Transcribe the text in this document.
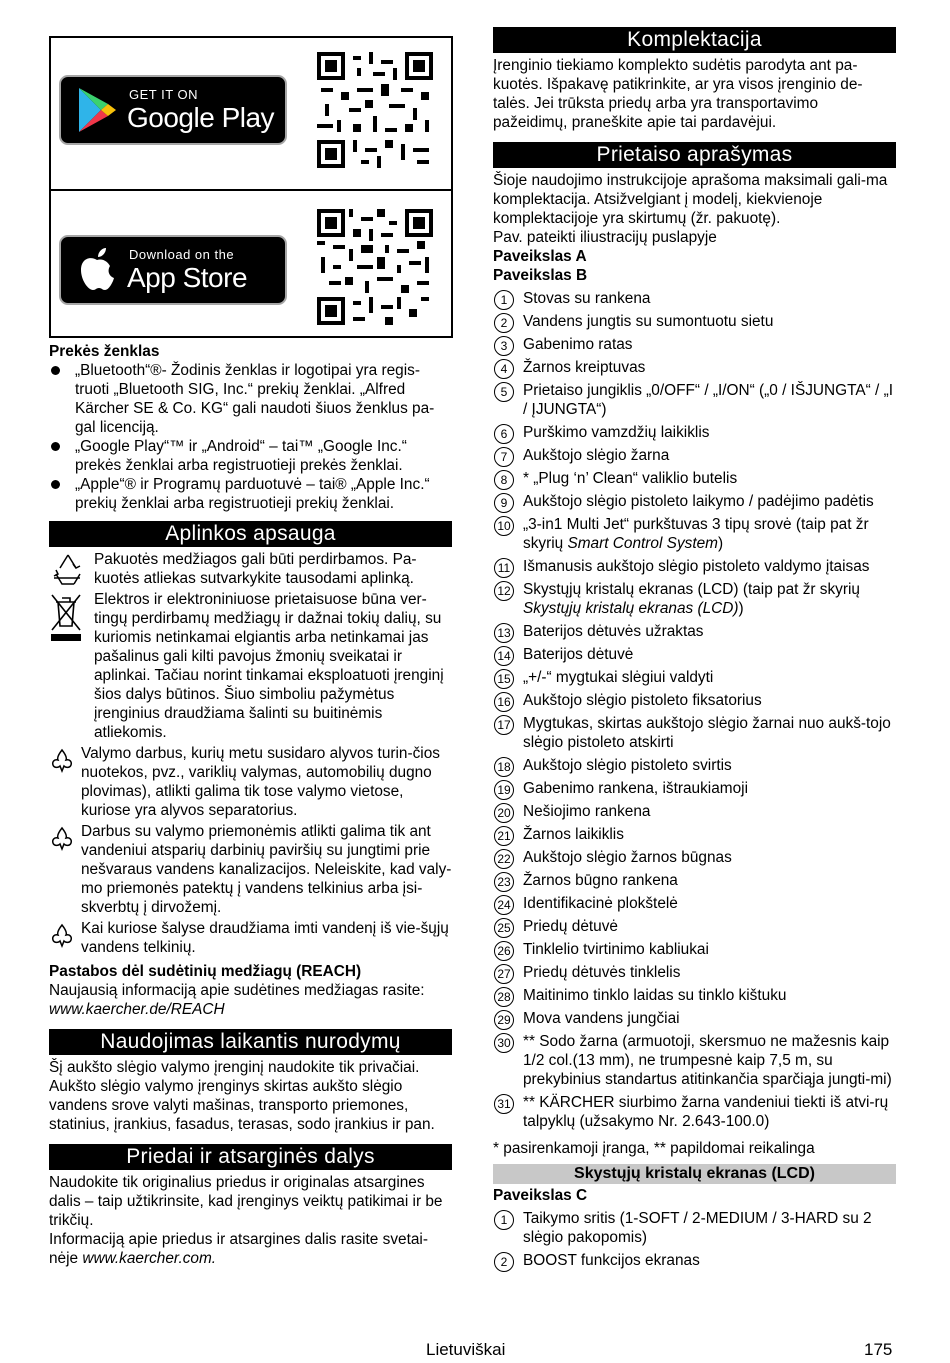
GET IT ON
Google Play
Download on the
App Store

Prekės ženklas

„Bluetooth“®- Žodinis ženklas ir logotipai yra regis-truoti „Bluetooth SIG, Inc.“ prekių ženklai. „Alfred Kärcher SE & Co. KG“ gali naudoti šiuos ženklus pa-gal licenciją.
„Google Play“™ ir „Android“ – tai™ „Google Inc.“ prekės ženklai arba registruotieji prekės ženklai.
„Apple“® ir Programų parduotuvė – tai® „Apple Inc.“ prekių ženklai arba registruotieji prekių ženklai.
Aplinkos apsauga

Pakuotės medžiagos gali būti perdirbamos. Pa-kuotės atliekas sutvarkykite tausodami aplinką.

Elektros ir elektroniniuose prietaisuose būna ver-tingų perdirbamų medžiagų ir dažnai tokių dalių, su kuriomis netinkamai elgiantis arba netinkamai jas pašalinus gali kilti pavojus žmonių sveikatai ir aplinkai. Tačiau norint tinkamai eksploatuoti įrenginį šios dalys būtinos. Šiuo simboliu pažymėtus įrenginius draudžiama šalinti su buitinėmis atliekomis.

Valymo darbus, kurių metu susidaro alyvos turin-čios nuotekos, pvz., variklių valymas, automobilių dugno plovimas), atlikti galima tik tose valymo vietose, kuriose yra alyvos separatorius.

Darbus su valymo priemonėmis atlikti galima tik ant vandeniui atsparių darbinių paviršių su jungtimi prie nešvaraus vandens kanalizacijos. Neleiskite, kad valy-mo priemonės patektų į vandens telkinius arba įsi-skverbtų į dirvožemį.

Kai kuriose šalyse draudžiama imti vandenį iš vie-šųjų vandens telkinių.

Pastabos dėl sudėtinių medžiagų (REACH)

Naujausią informaciją apie sudėtines medžiagas rasite:

www.kaercher.de/REACH

Naudojimas laikantis nurodymų

Šį aukšto slėgio valymo įrenginį naudokite tik privačiai. Aukšto slėgio valymo įrenginys skirtas aukšto slėgio vandens srove valyti mašinas, transporto priemones, statinius, įrankius, fasadus, terasas, sodo įrankius ir pan.

Priedai ir atsarginės dalys

Naudokite tik originalius priedus ir originalas atsargines dalis – taip užtikrinsite, kad įrenginys veiktų patikimai ir be trikčių.

Informaciją apie priedus ir atsargines dalis rasite svetai-nėje www.kaercher.com.

Komplektacija

Įrenginio tiekiamo komplekto sudėtis parodyta ant pa-kuotės. Išpakavę patikrinkite, ar yra visos įrenginio de-talės. Jei trūksta priedų arba yra transportavimo pažeidimų, praneškite apie tai pardavėjui.

Prietaiso aprašymas

Šioje naudojimo instrukcijoje aprašoma maksimali gali-ma komplektacija. Atsižvelgiant į modelį, kiekvienoje komplektacijoje yra skirtumų (žr. pakuotę).

Pav. pateikti iliustracijų puslapyje

Paveikslas A

Paveikslas B

1	Stovas su rankena
2	Vandens jungtis su sumontuotu sietu
3	Gabenimo ratas
4	Žarnos kreiptuvas
5	Prietaiso jungiklis „0/OFF“ / „I/ON“ („0 / IŠJUNGTA“ / „I / ĮJUNGTA“)
6	Purškimo vamzdžių laikiklis
7	Aukštojo slėgio žarna
8	* „Plug ‘n’ Clean“ valiklio butelis
9	Aukštojo slėgio pistoleto laikymo / padėjimo padėtis
10 „3-in1 Multi Jet“ purkštuvas 3 tipų srovė (taip pat žr skyrių Smart Control System)
11 Išmanusis aukštojo slėgio pistoleto valdymo įtaisas
12 Skystųjų kristalų ekranas (LCD) (taip pat žr skyrių Skystųjų kristalų ekranas (LCD))
13 Baterijos dėtuvės užraktas
14 Baterijos dėtuvė
15 „+/-“ mygtukai slėgiui valdyti
16 Aukštojo slėgio pistoleto fiksatorius
17 Mygtukas, skirtas aukštojo slėgio žarnai nuo aukš-tojo slėgio pistoleto atskirti
18 Aukštojo slėgio pistoleto svirtis
19 Gabenimo rankena, ištraukiamoji
20 Nešiojimo rankena
21 Žarnos laikiklis
22 Aukštojo slėgio žarnos būgnas
23 Žarnos būgno rankena
24 Identifikacinė plokštelė
25 Priedų dėtuvė
26 Tinklelio tvirtinimo kabliukai
27 Priedų dėtuvės tinklelis
28 Maitinimo tinklo laidas su tinklo kištuku
29 Mova vandens jungčiai
30 ** Sodo žarna (armuotoji, skersmuo ne mažesnis kaip 1/2 col.(13 mm), ne trumpesnė kaip 7,5 m, su prekybinius standartus atitinkančia sparčiąja jungti-mi)
31 ** KÄRCHER siurbimo žarna vandeniui tiekti iš atvi-rų talpyklų (užsakymo Nr. 2.643-100.0)

* pasirenkamoji įranga, ** papildomai reikalinga

Skystųjų kristalų ekranas (LCD)

Paveikslas C

1	Taikymo sritis (1-SOFT / 2-MEDIUM / 3-HARD su 2 slėgio pakopomis)
2	BOOST funkcijos ekranas
Lietuviškai	175
